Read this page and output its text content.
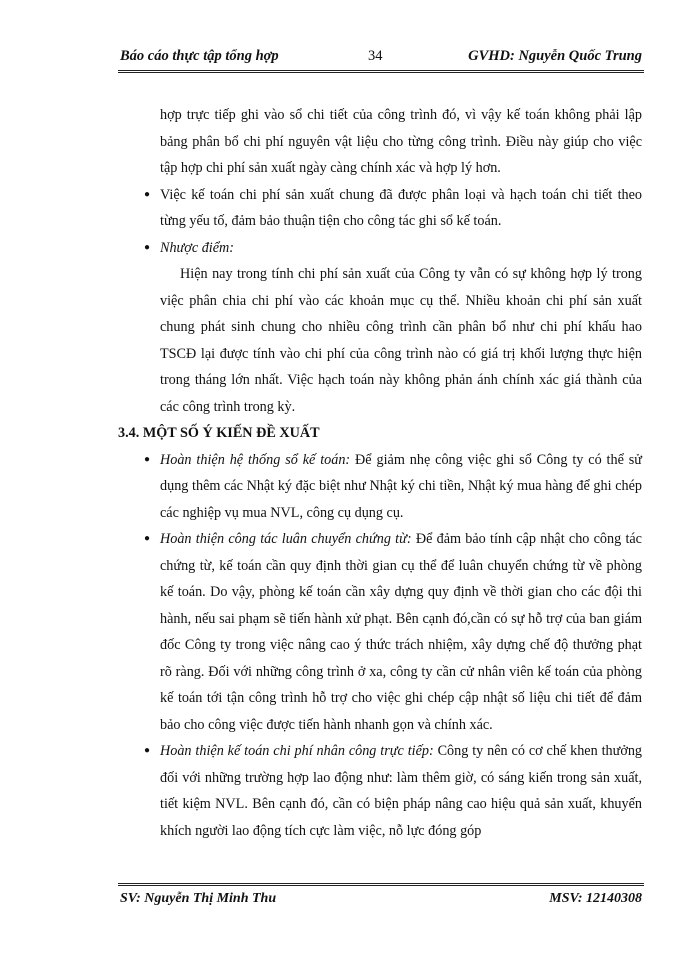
Báo cáo thực tập tổng hợp	34	GVHD: Nguyễn Quốc Trung

hợp trực tiếp ghi vào sổ chi tiết của công trình đó, vì vậy kế toán không phải lập bảng phân bổ chi phí nguyên vật liệu cho từng công trình. Điều này giúp cho việc tập hợp chi phí sản xuất ngày càng chính xác và hợp lý hơn.

● Việc kế toán chi phí sản xuất chung đã được phân loại và hạch toán chi tiết theo từng yếu tố, đảm bảo thuận tiện cho công tác ghi sổ kế toán.

● Nhược điểm:

Hiện nay trong tính chi phí sản xuất của Công ty vẫn có sự không hợp lý trong việc phân chia chi phí vào các khoản mục cụ thể. Nhiều khoản chi phí sản xuất chung phát sinh chung cho nhiều công trình cần phân bổ như chi phí khấu hao TSCĐ lại được tính vào chi phí của công trình nào có giá trị khối lượng thực hiện trong tháng lớn nhất. Việc hạch toán này không phản ánh chính xác giá thành của các công trình trong kỳ.

3.4. MỘT SỐ Ý KIẾN ĐỀ XUẤT

● Hoàn thiện hệ thống sổ kế toán: Để giảm nhẹ công việc ghi sổ Công ty có thể sử dụng thêm các Nhật ký đặc biệt như Nhật ký chi tiền, Nhật ký mua hàng để ghi chép các nghiệp vụ mua NVL, công cụ dụng cụ.

● Hoàn thiện công tác luân chuyển chứng từ: Để đảm bảo tính cập nhật cho công tác chứng từ, kế toán cần quy định thời gian cụ thể để luân chuyển chứng từ về phòng kế toán. Do vậy, phòng kế toán cần xây dựng quy định về thời gian cho các đội thi hành, nếu sai phạm sẽ tiến hành xử phạt. Bên cạnh đó,cần có sự hỗ trợ của ban giám đốc Công ty trong việc nâng cao ý thức trách nhiệm, xây dựng chế độ thưởng phạt rõ ràng. Đối với những công trình ở xa, công ty cần cử nhân viên kế toán của phòng kế toán tới tận công trình hỗ trợ cho việc ghi chép cập nhật số liệu chi tiết để đảm bảo cho công việc được tiến hành nhanh gọn và chính xác.

● Hoàn thiện kế toán chi phí nhân công trực tiếp: Công ty nên có cơ chế khen thưởng đối với những trường hợp lao động như: làm thêm giờ, có sáng kiến trong sản xuất, tiết kiệm NVL. Bên cạnh đó, cần có biện pháp nâng cao hiệu quả sản xuất, khuyến khích người lao động tích cực làm việc, nỗ lực đóng góp

SV: Nguyễn Thị Minh Thu	MSV: 12140308
